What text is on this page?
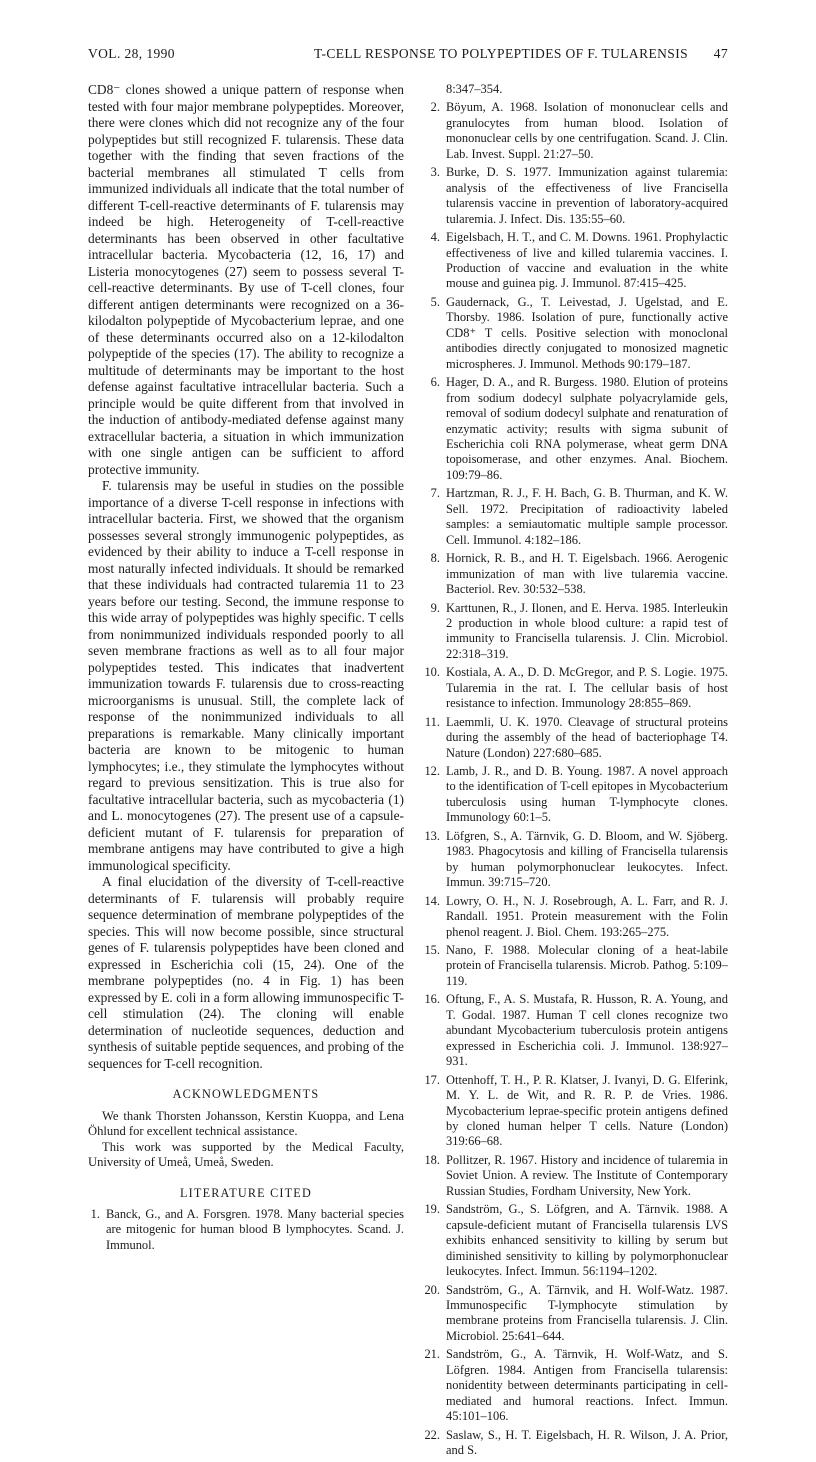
VOL. 28, 1990	T-CELL RESPONSE TO POLYPEPTIDES OF F. TULARENSIS 47

CD8⁻ clones showed a unique pattern of response when tested with four major membrane polypeptides. Moreover, there were clones which did not recognize any of the four polypeptides but still recognized F. tularensis. These data together with the finding that seven fractions of the bacterial membranes all stimulated T cells from immunized individuals all indicate that the total number of different T-cell-reactive determinants of F. tularensis may indeed be high. Heterogeneity of T-cell-reactive determinants has been observed in other facultative intracellular bacteria. Mycobacteria (12, 16, 17) and Listeria monocytogenes (27) seem to possess several T-cell-reactive determinants. By use of T-cell clones, four different antigen determinants were recognized on a 36-kilodalton polypeptide of Mycobacterium leprae, and one of these determinants occurred also on a 12-kilodalton polypeptide of the species (17). The ability to recognize a multitude of determinants may be important to the host defense against facultative intracellular bacteria. Such a principle would be quite different from that involved in the induction of antibody-mediated defense against many extracellular bacteria, a situation in which immunization with one single antigen can be sufficient to afford protective immunity.

F. tularensis may be useful in studies on the possible importance of a diverse T-cell response in infections with intracellular bacteria. First, we showed that the organism possesses several strongly immunogenic polypeptides, as evidenced by their ability to induce a T-cell response in most naturally infected individuals. It should be remarked that these individuals had contracted tularemia 11 to 23 years before our testing. Second, the immune response to this wide array of polypeptides was highly specific. T cells from nonimmunized individuals responded poorly to all seven membrane fractions as well as to all four major polypeptides tested. This indicates that inadvertent immunization towards F. tularensis due to cross-reacting microorganisms is unusual. Still, the complete lack of response of the nonimmunized individuals to all preparations is remarkable. Many clinically important bacteria are known to be mitogenic to human lymphocytes; i.e., they stimulate the lymphocytes without regard to previous sensitization. This is true also for facultative intracellular bacteria, such as mycobacteria (1) and L. monocytogenes (27). The present use of a capsule-deficient mutant of F. tularensis for preparation of membrane antigens may have contributed to give a high immunological specificity.

A final elucidation of the diversity of T-cell-reactive determinants of F. tularensis will probably require sequence determination of membrane polypeptides of the species. This will now become possible, since structural genes of F. tularensis polypeptides have been cloned and expressed in Escherichia coli (15, 24). One of the membrane polypeptides (no. 4 in Fig. 1) has been expressed by E. coli in a form allowing immunospecific T-cell stimulation (24). The cloning will enable determination of nucleotide sequences, deduction and synthesis of suitable peptide sequences, and probing of the sequences for T-cell recognition.

ACKNOWLEDGMENTS

We thank Thorsten Johansson, Kerstin Kuoppa, and Lena Öhlund for excellent technical assistance.

This work was supported by the Medical Faculty, University of Umeå, Umeå, Sweden.

LITERATURE CITED
1. Banck, G., and A. Forsgren. 1978. Many bacterial species are mitogenic for human blood B lymphocytes. Scand. J. Immunol.
8:347–354.
2. Böyum, A. 1968. Isolation of mononuclear cells and granulocytes from human blood. Isolation of mononuclear cells by one centrifugation. Scand. J. Clin. Lab. Invest. Suppl. 21:27–50.
3. Burke, D. S. 1977. Immunization against tularemia: analysis of the effectiveness of live Francisella tularensis vaccine in prevention of laboratory-acquired tularemia. J. Infect. Dis. 135:55–60.
4. Eigelsbach, H. T., and C. M. Downs. 1961. Prophylactic effectiveness of live and killed tularemia vaccines. I. Production of vaccine and evaluation in the white mouse and guinea pig. J. Immunol. 87:415–425.
5. Gaudernack, G., T. Leivestad, J. Ugelstad, and E. Thorsby. 1986. Isolation of pure, functionally active CD8⁺ T cells. Positive selection with monoclonal antibodies directly conjugated to monosized magnetic microspheres. J. Immunol. Methods 90:179–187.
6. Hager, D. A., and R. Burgess. 1980. Elution of proteins from sodium dodecyl sulphate polyacrylamide gels, removal of sodium dodecyl sulphate and renaturation of enzymatic activity; results with sigma subunit of Escherichia coli RNA polymerase, wheat germ DNA topoisomerase, and other enzymes. Anal. Biochem. 109:79–86.
7. Hartzman, R. J., F. H. Bach, G. B. Thurman, and K. W. Sell. 1972. Precipitation of radioactivity labeled samples: a semiautomatic multiple sample processor. Cell. Immunol. 4:182–186.
8. Hornick, R. B., and H. T. Eigelsbach. 1966. Aerogenic immunization of man with live tularemia vaccine. Bacteriol. Rev. 30:532–538.
9. Karttunen, R., J. Ilonen, and E. Herva. 1985. Interleukin 2 production in whole blood culture: a rapid test of immunity to Francisella tularensis. J. Clin. Microbiol. 22:318–319.
10. Kostiala, A. A., D. D. McGregor, and P. S. Logie. 1975. Tularemia in the rat. I. The cellular basis of host resistance to infection. Immunology 28:855–869.
11. Laemmli, U. K. 1970. Cleavage of structural proteins during the assembly of the head of bacteriophage T4. Nature (London) 227:680–685.
12. Lamb, J. R., and D. B. Young. 1987. A novel approach to the identification of T-cell epitopes in Mycobacterium tuberculosis using human T-lymphocyte clones. Immunology 60:1–5.
13. Löfgren, S., A. Tärnvik, G. D. Bloom, and W. Sjöberg. 1983. Phagocytosis and killing of Francisella tularensis by human polymorphonuclear leukocytes. Infect. Immun. 39:715–720.
14. Lowry, O. H., N. J. Rosebrough, A. L. Farr, and R. J. Randall. 1951. Protein measurement with the Folin phenol reagent. J. Biol. Chem. 193:265–275.
15. Nano, F. 1988. Molecular cloning of a heat-labile protein of Francisella tularensis. Microb. Pathog. 5:109–119.
16. Oftung, F., A. S. Mustafa, R. Husson, R. A. Young, and T. Godal. 1987. Human T cell clones recognize two abundant Mycobacterium tuberculosis protein antigens expressed in Escherichia coli. J. Immunol. 138:927–931.
17. Ottenhoff, T. H., P. R. Klatser, J. Ivanyi, D. G. Elferink, M. Y. L. de Wit, and R. R. P. de Vries. 1986. Mycobacterium leprae-specific protein antigens defined by cloned human helper T cells. Nature (London) 319:66–68.
18. Pollitzer, R. 1967. History and incidence of tularemia in Soviet Union. A review. The Institute of Contemporary Russian Studies, Fordham University, New York.
19. Sandström, G., S. Löfgren, and A. Tärnvik. 1988. A capsule-deficient mutant of Francisella tularensis LVS exhibits enhanced sensitivity to killing by serum but diminished sensitivity to killing by polymorphonuclear leukocytes. Infect. Immun. 56:1194–1202.
20. Sandström, G., A. Tärnvik, and H. Wolf-Watz. 1987. Immunospecific T-lymphocyte stimulation by membrane proteins from Francisella tularensis. J. Clin. Microbiol. 25:641–644.
21. Sandström, G., A. Tärnvik, H. Wolf-Watz, and S. Löfgren. 1984. Antigen from Francisella tularensis: nonidentity between determinants participating in cell-mediated and humoral reactions. Infect. Immun. 45:101–106.
22. Saslaw, S., H. T. Eigelsbach, H. R. Wilson, J. A. Prior, and S.
